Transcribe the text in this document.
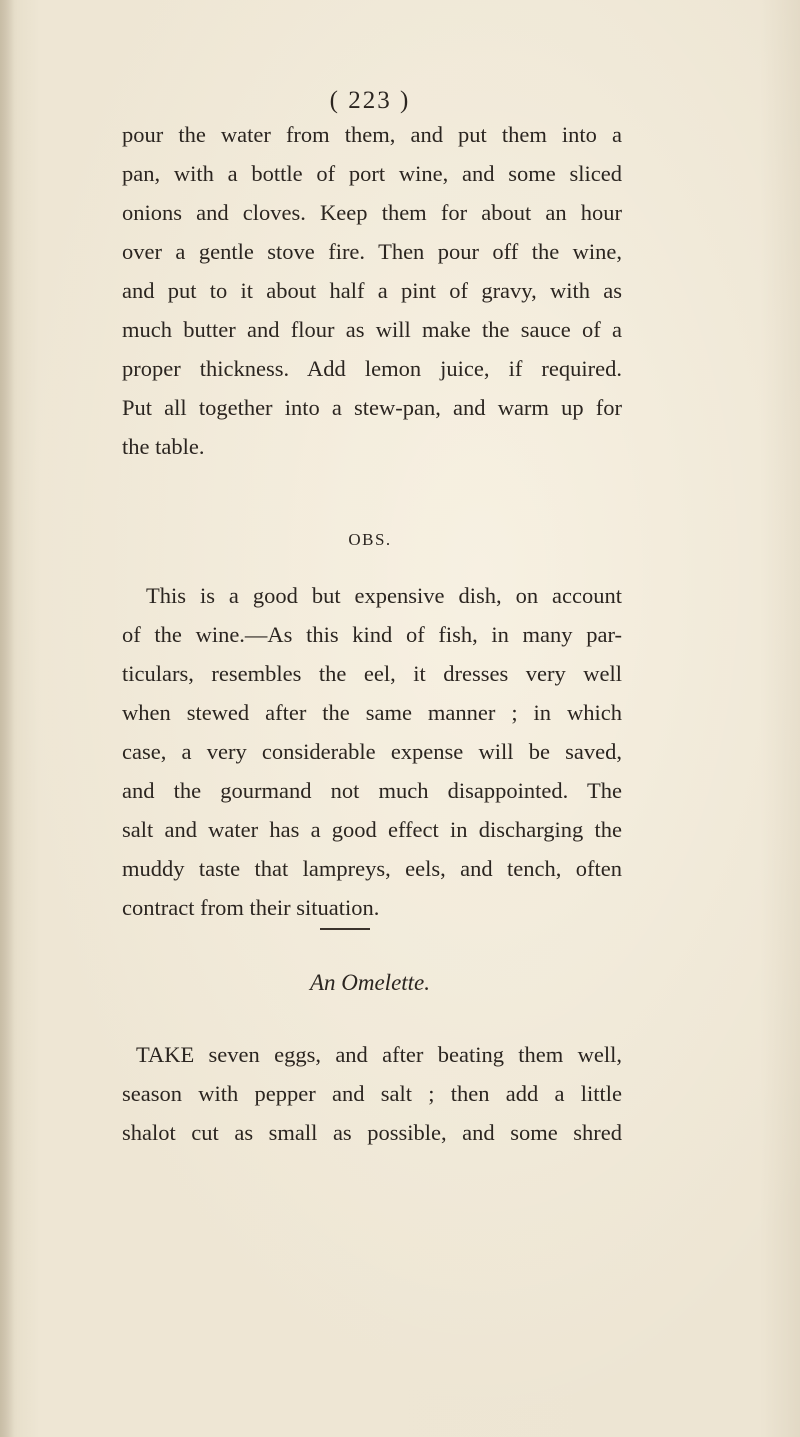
( 223 )
pour the water from them, and put them into a
pan, with a bottle of port wine, and some sliced
onions and cloves. Keep them for about an hour
over a gentle stove fire. Then pour off the wine,
and put to it about half a pint of gravy, with as
much butter and flour as will make the sauce of a
proper thickness. Add lemon juice, if required.
Put all together into a stew-pan, and warm up for
the table.
OBS.
This is a good but expensive dish, on account
of the wine.—As this kind of fish, in many par-
ticulars, resembles the eel, it dresses very well
when stewed after the same manner ; in which
case, a very considerable expense will be saved,
and the gourmand not much disappointed. The
salt and water has a good effect in discharging the
muddy taste that lampreys, eels, and tench, often
contract from their situation.
An Omelette.
TAKE seven eggs, and after beating them well,
season with pepper and salt ; then add a little
shalot cut as small as possible, and some shred
